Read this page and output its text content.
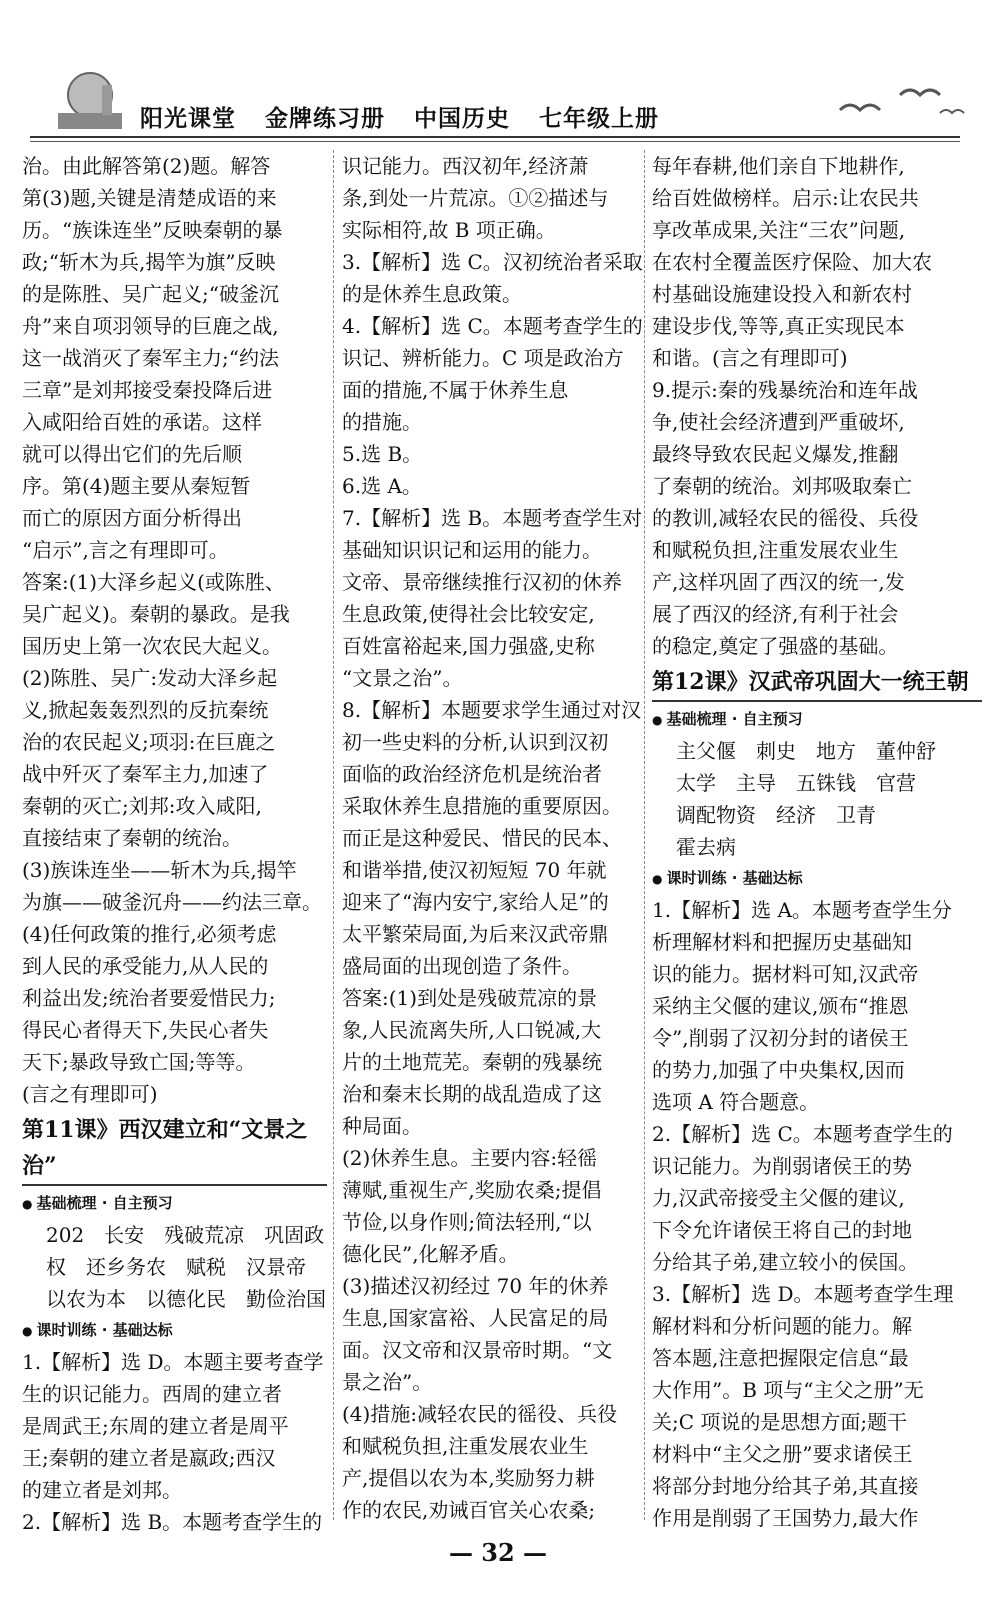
阳光课堂 金牌练习册 中国历史 七年级上册

治。由此解答第(2)题。解答

第(3)题,关键是清楚成语的来

历。“族诛连坐”反映秦朝的暴

政;“斩木为兵,揭竿为旗”反映

的是陈胜、吴广起义;“破釜沉

舟”来自项羽领导的巨鹿之战,

这一战消灭了秦军主力;“约法

三章”是刘邦接受秦投降后进

入咸阳给百姓的承诺。这样

就可以得出它们的先后顺

序。第(4)题主要从秦短暂

而亡的原因方面分析得出

“启示”,言之有理即可。

答案:(1)大泽乡起义(或陈胜、

吴广起义)。秦朝的暴政。是我

国历史上第一次农民大起义。

(2)陈胜、吴广:发动大泽乡起

义,掀起轰轰烈烈的反抗秦统

治的农民起义;项羽:在巨鹿之

战中歼灭了秦军主力,加速了

秦朝的灭亡;刘邦:攻入咸阳,

直接结束了秦朝的统治。

(3)族诛连坐——斩木为兵,揭竿

为旗——破釜沉舟——约法三章。

(4)任何政策的推行,必须考虑

到人民的承受能力,从人民的

利益出发;统治者要爱惜民力;

得民心者得天下,失民心者失

天下;暴政导致亡国;等等。

(言之有理即可)

第11课》西汉建立和“文景之
治”
● 基础梳理 · 自主预习

202　长安　残破荒凉　巩固政

权　还乡务农　赋税　汉景帝

以农为本　以德化民　勤俭治国

● 课时训练 · 基础达标

1.【解析】选 D。本题主要考查学

生的识记能力。西周的建立者

是周武王;东周的建立者是周平

王;秦朝的建立者是嬴政;西汉

的建立者是刘邦。

2.【解析】选 B。本题考查学生的

识记能力。西汉初年,经济萧

条,到处一片荒凉。①②描述与

实际相符,故 B 项正确。

3.【解析】选 C。汉初统治者采取

的是休养生息政策。

4.【解析】选 C。本题考查学生的

识记、辨析能力。C 项是政治方

面的措施,不属于休养生息

的措施。

5.选 B。

6.选 A。

7.【解析】选 B。本题考查学生对

基础知识识记和运用的能力。

文帝、景帝继续推行汉初的休养

生息政策,使得社会比较安定,

百姓富裕起来,国力强盛,史称

“文景之治”。

8.【解析】本题要求学生通过对汉

初一些史料的分析,认识到汉初

面临的政治经济危机是统治者

采取休养生息措施的重要原因。

而正是这种爱民、惜民的民本、

和谐举措,使汉初短短 70 年就

迎来了“海内安宁,家给人足”的

太平繁荣局面,为后来汉武帝鼎

盛局面的出现创造了条件。

答案:(1)到处是残破荒凉的景

象,人民流离失所,人口锐减,大

片的土地荒芜。秦朝的残暴统

治和秦末长期的战乱造成了这

种局面。

(2)休养生息。主要内容:轻徭

薄赋,重视生产,奖励农桑;提倡

节俭,以身作则;简法轻刑,“以

德化民”,化解矛盾。

(3)描述汉初经过 70 年的休养

生息,国家富裕、人民富足的局

面。汉文帝和汉景帝时期。“文

景之治”。

(4)措施:减轻农民的徭役、兵役

和赋税负担,注重发展农业生

产,提倡以农为本,奖励努力耕

作的农民,劝诫百官关心农桑;

每年春耕,他们亲自下地耕作,

给百姓做榜样。启示:让农民共

享改革成果,关注“三农”问题,

在农村全覆盖医疗保险、加大农

村基础设施建设投入和新农村

建设步伐,等等,真正实现民本

和谐。(言之有理即可)

9.提示:秦的残暴统治和连年战

争,使社会经济遭到严重破坏,

最终导致农民起义爆发,推翻

了秦朝的统治。刘邦吸取秦亡

的教训,减轻农民的徭役、兵役

和赋税负担,注重发展农业生

产,这样巩固了西汉的统一,发

展了西汉的经济,有利于社会

的稳定,奠定了强盛的基础。

第12课》汉武帝巩固大一统王朝
● 基础梳理 · 自主预习

主父偃　刺史　地方　董仲舒

太学　主导　五铢钱　官营

调配物资　经济　卫青

霍去病

● 课时训练 · 基础达标

1.【解析】选 A。本题考查学生分

析理解材料和把握历史基础知

识的能力。据材料可知,汉武帝

采纳主父偃的建议,颁布“推恩

令”,削弱了汉初分封的诸侯王

的势力,加强了中央集权,因而

选项 A 符合题意。

2.【解析】选 C。本题考查学生的

识记能力。为削弱诸侯王的势

力,汉武帝接受主父偃的建议,

下令允许诸侯王将自己的封地

分给其子弟,建立较小的侯国。

3.【解析】选 D。本题考查学生理

解材料和分析问题的能力。解

答本题,注意把握限定信息“最

大作用”。B 项与“主父之册”无

关;C 项说的是思想方面;题干

材料中“主父之册”要求诸侯王

将部分封地分给其子弟,其直接

作用是削弱了王国势力,最大作

— 32 —
